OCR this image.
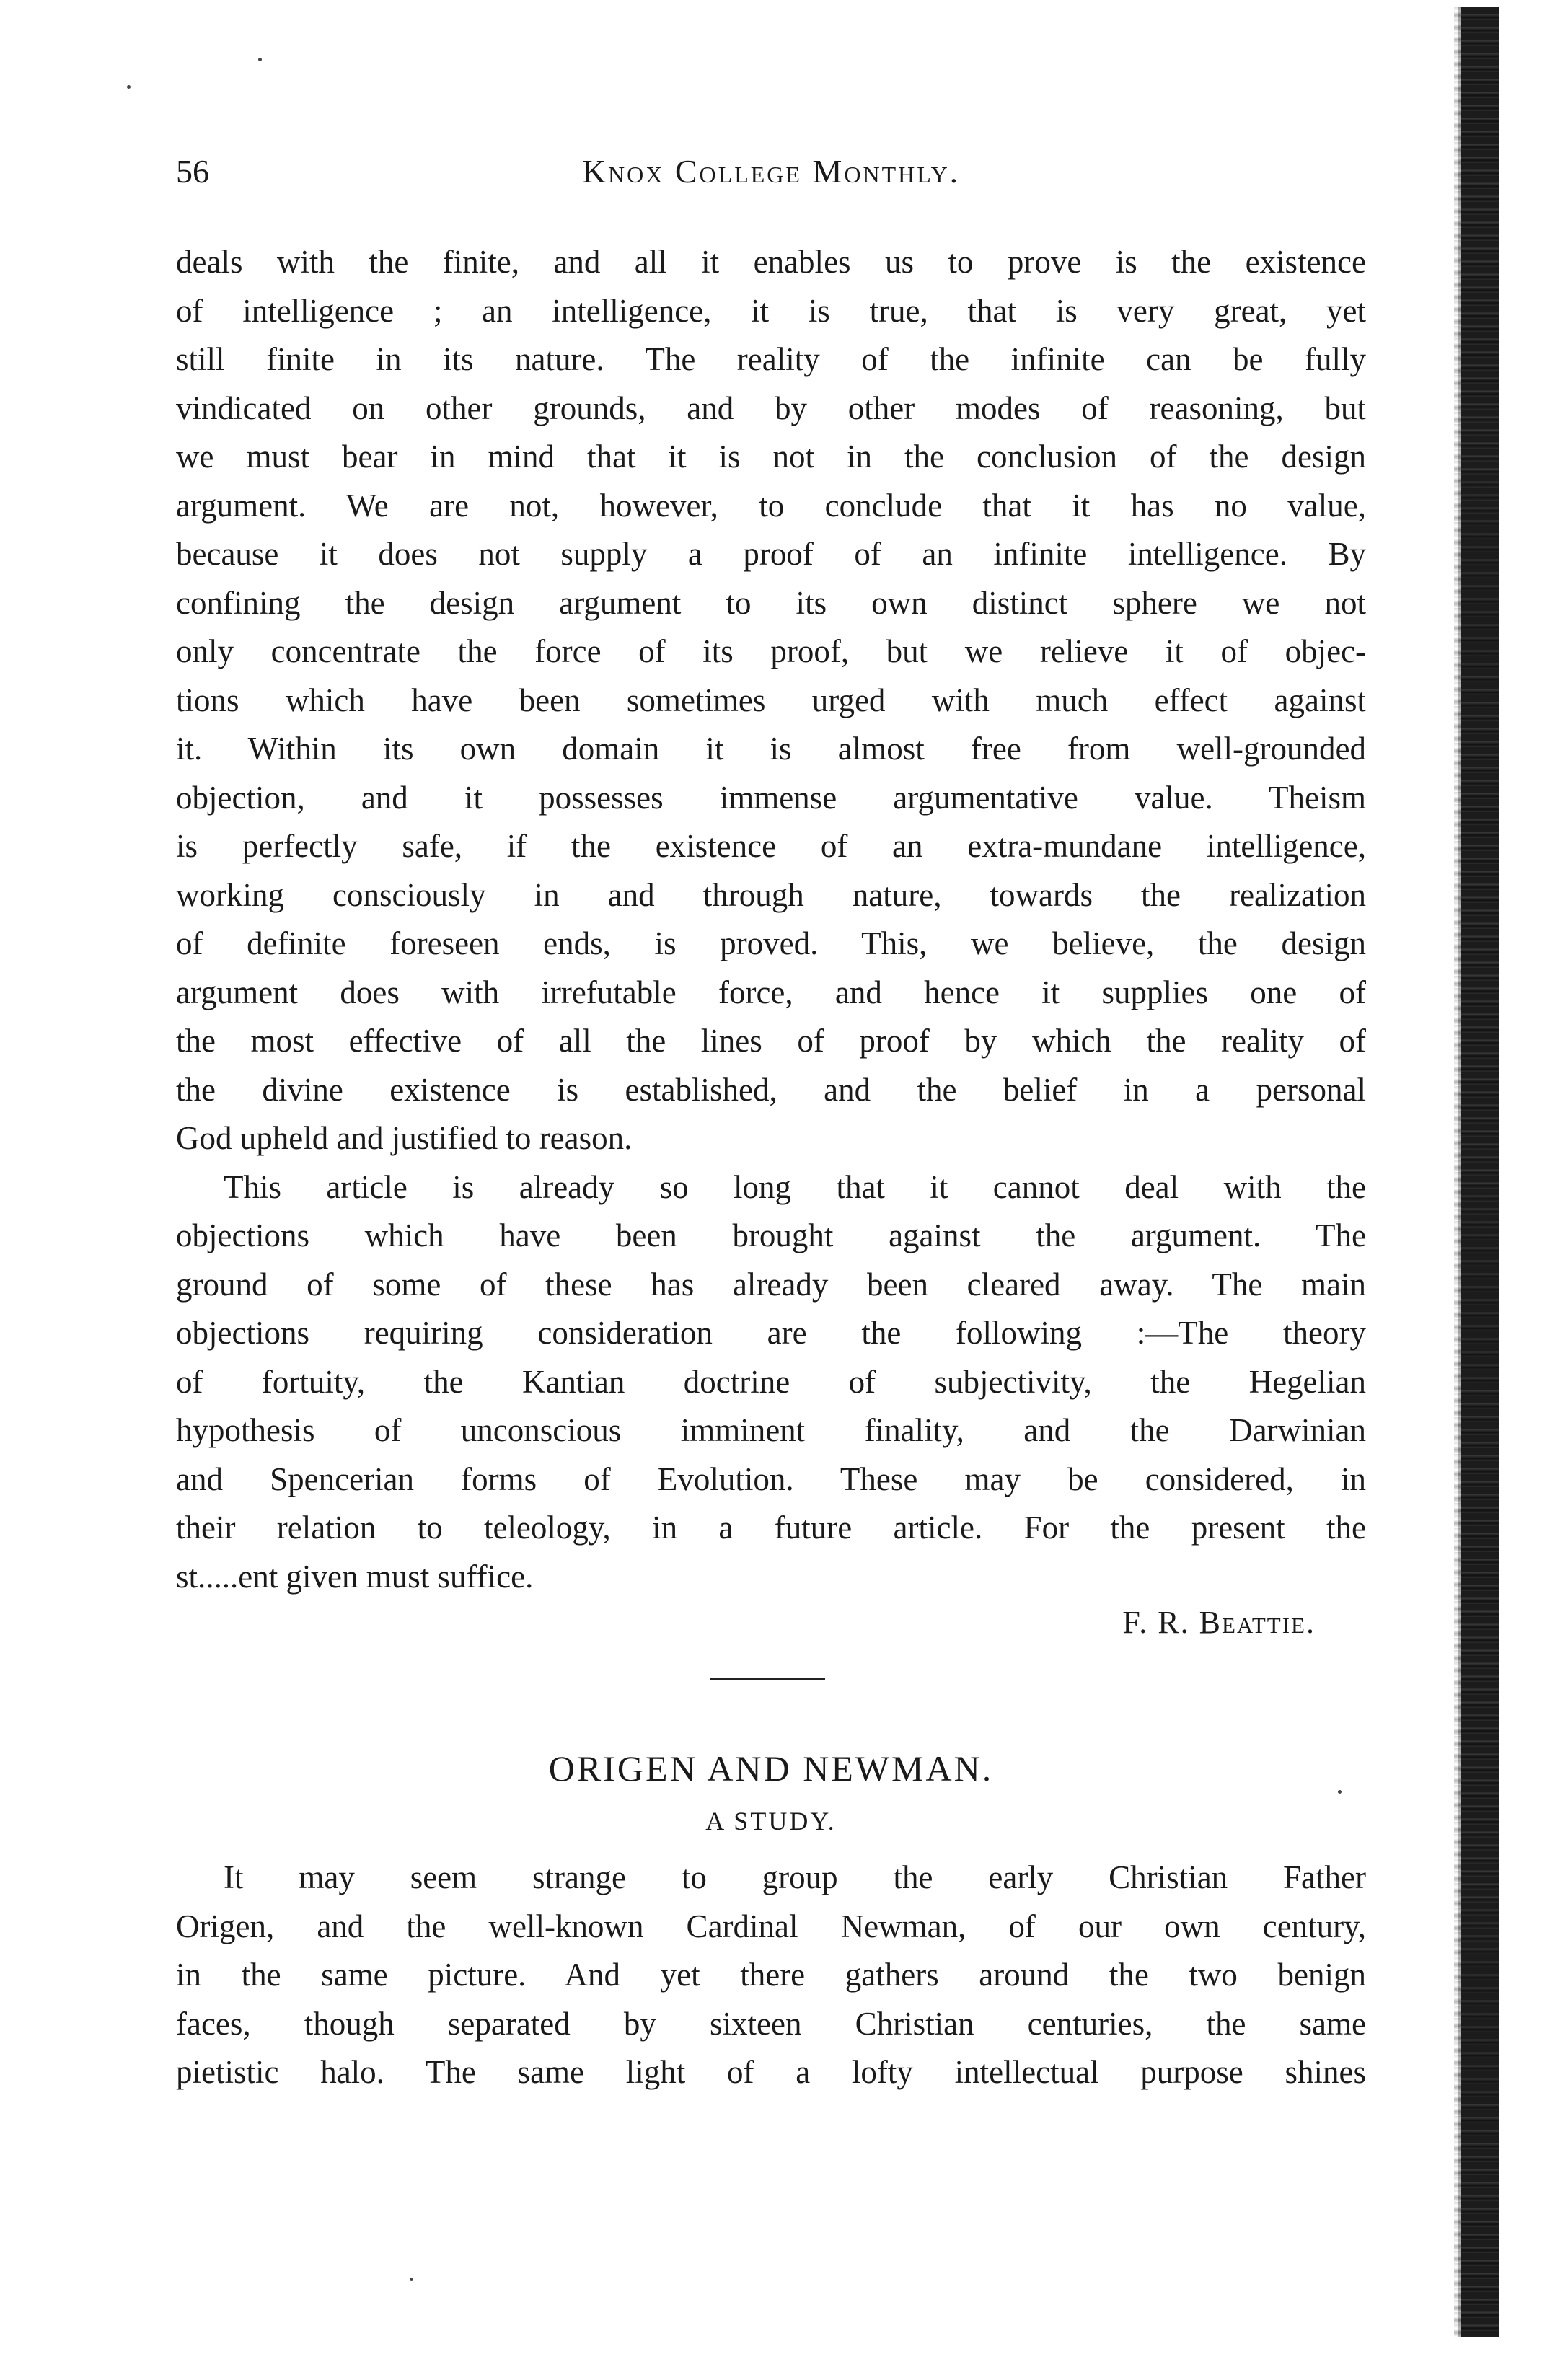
56	Knox College Monthly.
deals with the finite, and all it enables us to prove is the existence
of intelligence ; an intelligence, it is true, that is very great, yet
still finite in its nature. The reality of the infinite can be fully
vindicated on other grounds, and by other modes of reasoning, but
we must bear in mind that it is not in the conclusion of the design
argument. We are not, however, to conclude that it has no value,
because it does not supply a proof of an infinite intelligence. By
confining the design argument to its own distinct sphere we not
only concentrate the force of its proof, but we relieve it of objec-
tions which have been sometimes urged with much effect against
it. Within its own domain it is almost free from well-grounded
objection, and it possesses immense argumentative value. Theism
is perfectly safe, if the existence of an extra-mundane intelligence,
working consciously in and through nature, towards the realization
of definite foreseen ends, is proved. This, we believe, the design
argument does with irrefutable force, and hence it supplies one of
the most effective of all the lines of proof by which the reality of
the divine existence is established, and the belief in a personal
God upheld and justified to reason.
This article is already so long that it cannot deal with the
objections which have been brought against the argument. The
ground of some of these has already been cleared away. The main
objections requiring consideration are the following :—The theory
of fortuity, the Kantian doctrine of subjectivity, the Hegelian
hypothesis of unconscious imminent finality, and the Darwinian
and Spencerian forms of Evolution. These may be considered, in
their relation to teleology, in a future article. For the present the
st.....ent given must suffice.
F. R. Beattie.
ORIGEN AND NEWMAN.
A STUDY.
It may seem strange to group the early Christian Father
Origen, and the well-known Cardinal Newman, of our own century,
in the same picture. And yet there gathers around the two benign
faces, though separated by sixteen Christian centuries, the same
pietistic halo. The same light of a lofty intellectual purpose shines
